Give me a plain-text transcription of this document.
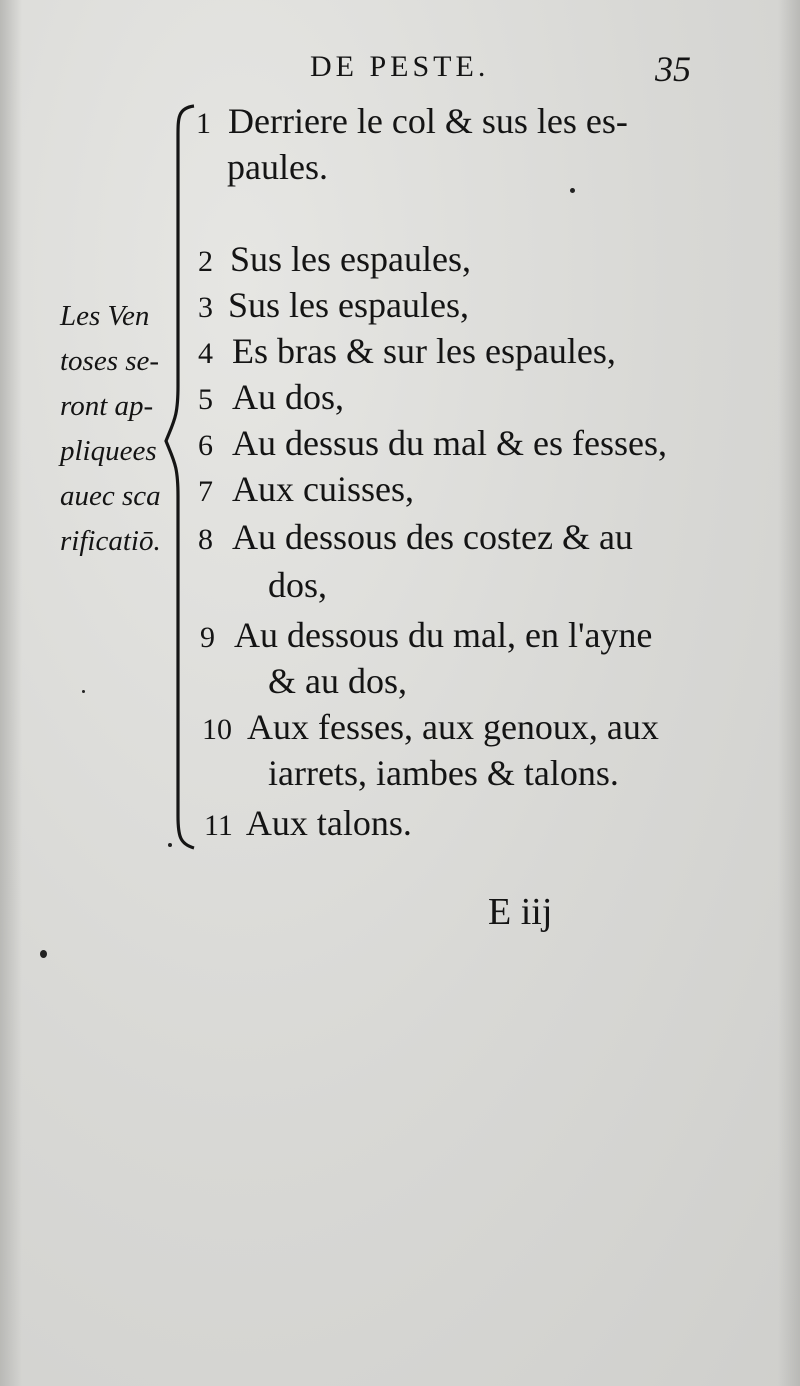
DE PESTE.	35
Les Ven
toses se-
ront ap-
pliquees
auec sca
rificatiō.
1 Derriere le col & sus les es-
paules.
2 Sus les espaules,
3 Sus les espaules,
4 Es bras & sur les espaules,
5 Au dos,
6 Au dessus du mal & es fesses,
7 Aux cuisses,
8 Au dessous des costez & au
dos,
9 Au dessous du mal, en l'ayne
& au dos,
10 Aux fesses, aux genoux, aux
iarrets, iambes & talons.
11 Aux talons.
E iij
